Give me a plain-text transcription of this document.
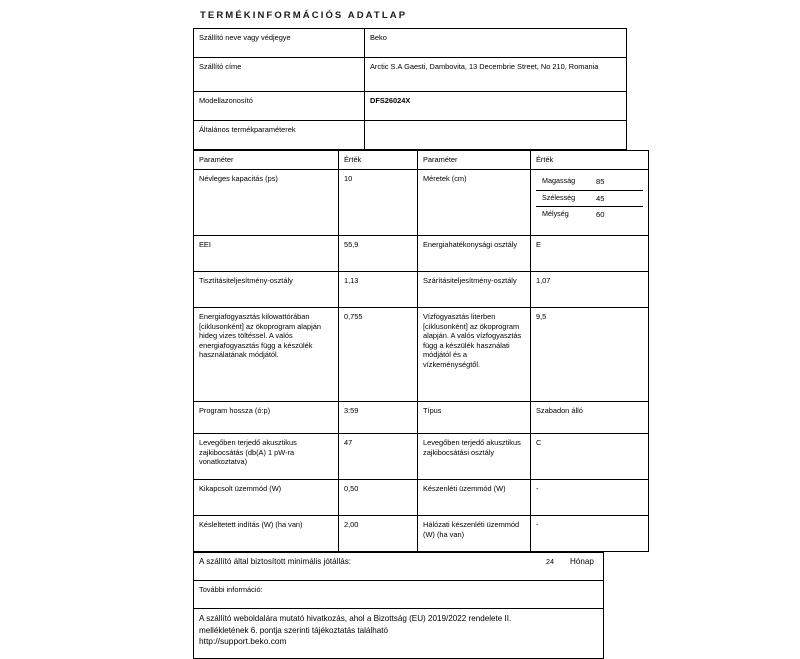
TERMÉKINFORMÁCIÓS ADATLAP
Szállító neve vagy védjegye	Beko
Szállító címe	Arctic S.A Gaesti, Dambovita, 13 Decembrie Street, No 210, Romania
Modellazonosító	DFS26024X
Általános termékparaméterek	
Paraméter	Érték	Paraméter	Érték
Névleges kapacitás (ps)	10	Méretek (cm)		Magasság	85
Szélesség	45
Mélység	60

EEI	55,9	Energiahatékonysági osztály	E
Tisztításiteljesítmény-osztály	1,13	Szárításiteljesítmény-osztály	1,07
Energiafogyasztás kilowattórában [ciklusonként] az ökoprogram alapján hideg vizes töltéssel. A valós energiafogyasztás függ a készülék használatának módjától.	0,755	Vízfogyasztás literben [ciklusonként] az ökoprogram alapján. A valós vízfogyasztás függ a készülék használati módjától és a vízkeménységtől.	9,5
Program hossza (ó:p)	3:59	Típus	Szabadon álló
Levegőben terjedő akusztikus zajkibocsátás (db(A) 1 pW-ra vonatkoztatva)	47	Levegőben terjedő akusztikus zajkibocsátási osztály	C
Kikapcsolt üzemmód (W)	0,50	Készenléti üzemmód (W)	-
Késleltetett indítás (W) (ha van)	2,00	Hálózati készenléti üzemmód (W) (ha van)	-
A szállító által biztosított minimális jótállás:	24 Hónap

További információ:

A szállító weboldalára mutató hivatkozás, ahol a Bizottság (EU) 2019/2022 rendelete II.
mellékletének 6. pontja szerinti tájékoztatás található
http://support.beko.com
